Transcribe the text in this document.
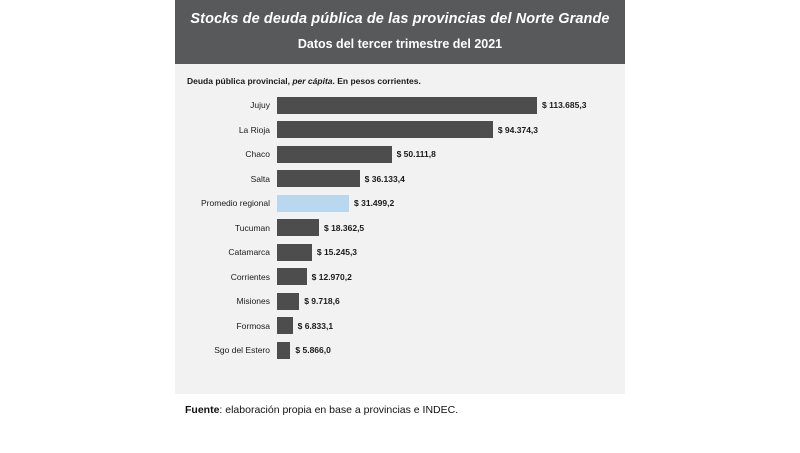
Stocks de deuda pública de las provincias del Norte Grande
Datos del tercer trimestre del 2021
Deuda pública provincial, per cápita. En pesos corrientes.
Jujuy	$ 113.685,3
La Rioja	$ 94.374,3
Chaco	$ 50.111,8
Salta	$ 36.133,4
Promedio regional	$ 31.499,2
Tucuman	$ 18.362,5
Catamarca	$ 15.245,3
Corrientes	$ 12.970,2
Misiones	$ 9.718,6
Formosa	$ 6.833,1
Sgo del Estero	$ 5.866,0
Fuente: elaboración propia en base a provincias e INDEC.
